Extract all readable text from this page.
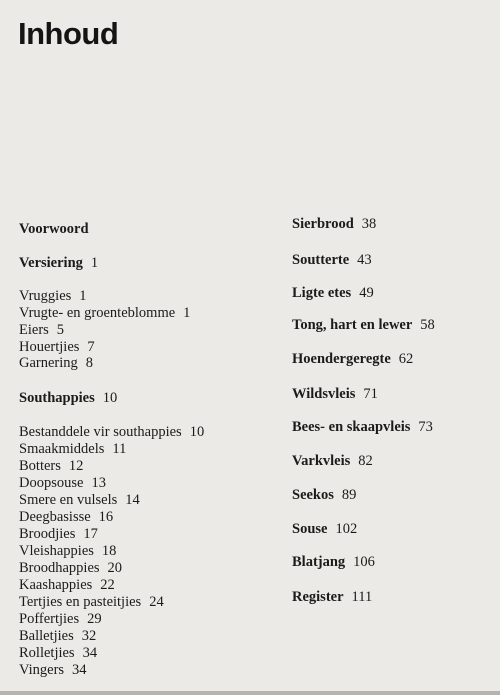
Inhoud
Voorwoord
Versiering 1
Vruggies 1
Vrugte- en groenteblomme 1
Eiers 5
Houertjies 7
Garnering 8
Southappies 10
Bestanddele vir southappies 10
Smaakmiddels 11
Botters 12
Doopsouse 13
Smere en vulsels 14
Deegbasisse 16
Broodjies 17
Vleishappies 18
Broodhappies 20
Kaashappies 22
Tertjies en pasteitjies 24
Poffertjies 29
Balletjies 32
Rolletjies 34
Vingers 34
Sierbrood 38
Soutterte 43
Ligte etes 49
Tong, hart en lewer 58
Hoendergeregte 62
Wildsvleis 71
Bees- en skaapvleis 73
Varkvleis 82
Seekos 89
Souse 102
Blatjang 106
Register 111
